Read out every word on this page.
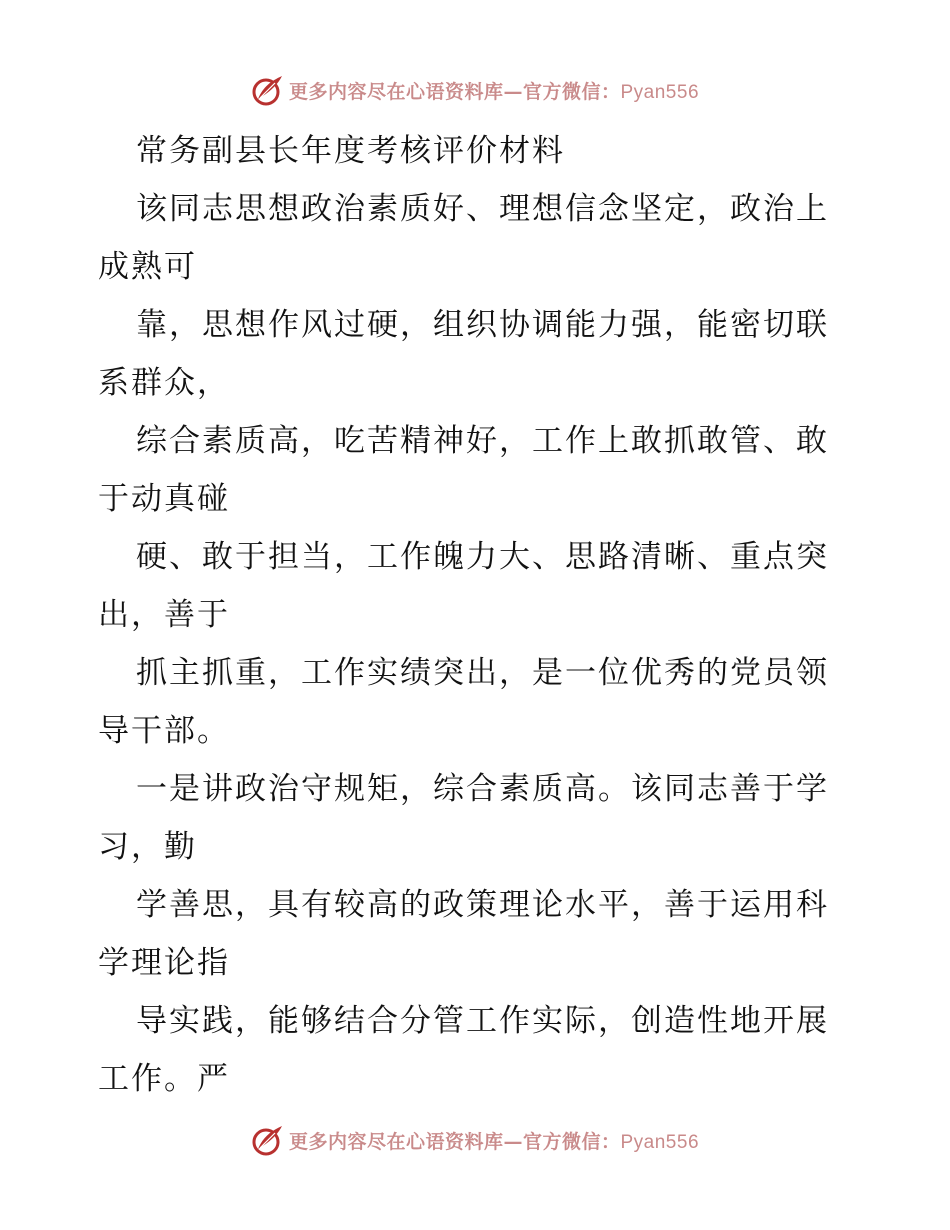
更多内容尽在心语资料库—官方微信：Pyan556
常务副县长年度考核评价材料
该同志思想政治素质好、理想信念坚定，政治上
成熟可
靠，思想作风过硬，组织协调能力强，能密切联
系群众，
综合素质高，吃苦精神好，工作上敢抓敢管、敢
于动真碰
硬、敢于担当，工作魄力大、思路清晰、重点突
出，善于
抓主抓重，工作实绩突出，是一位优秀的党员领
导干部。
一是讲政治守规矩，综合素质高。该同志善于学
习，勤
学善思，具有较高的政策理论水平，善于运用科
学理论指
导实践，能够结合分管工作实际，创造性地开展
工作。严
更多内容尽在心语资料库—官方微信：Pyan556
